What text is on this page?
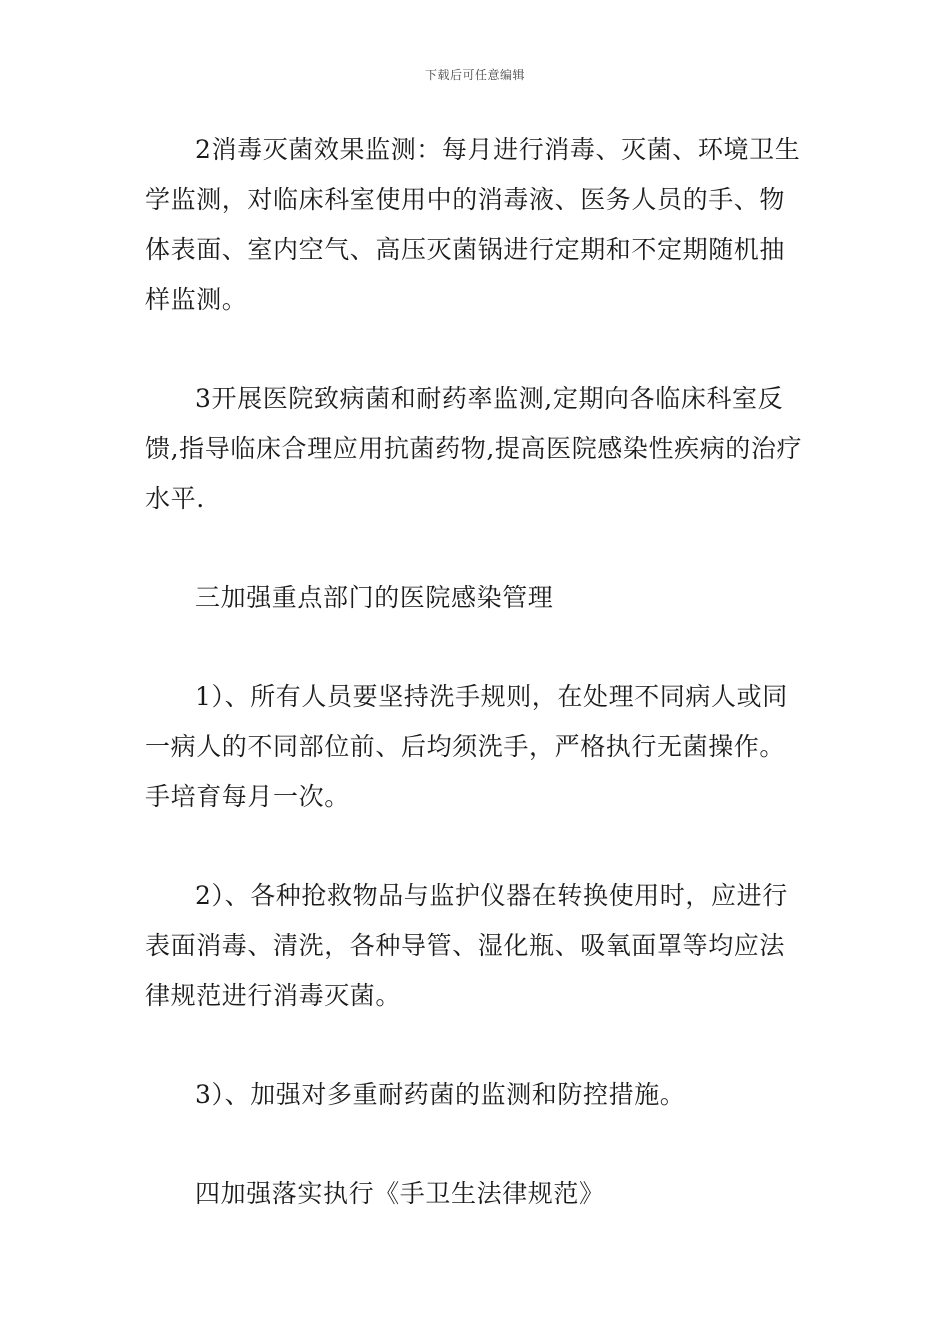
下载后可任意编辑

2消毒灭菌效果监测：每月进行消毒、灭菌、环境卫生学监测，对临床科室使用中的消毒液、医务人员的手、物体表面、室内空气、高压灭菌锅进行定期和不定期随机抽样监测。

3开展医院致病菌和耐药率监测,定期向各临床科室反馈,指导临床合理应用抗菌药物,提高医院感染性疾病的治疗水平.

三加强重点部门的医院感染管理

1）、所有人员要坚持洗手规则，在处理不同病人或同一病人的不同部位前、后均须洗手，严格执行无菌操作。手培育每月一次。

2）、各种抢救物品与监护仪器在转换使用时，应进行表面消毒、清洗，各种导管、湿化瓶、吸氧面罩等均应法律规范进行消毒灭菌。

3）、加强对多重耐药菌的监测和防控措施。

四加强落实执行《手卫生法律规范》
